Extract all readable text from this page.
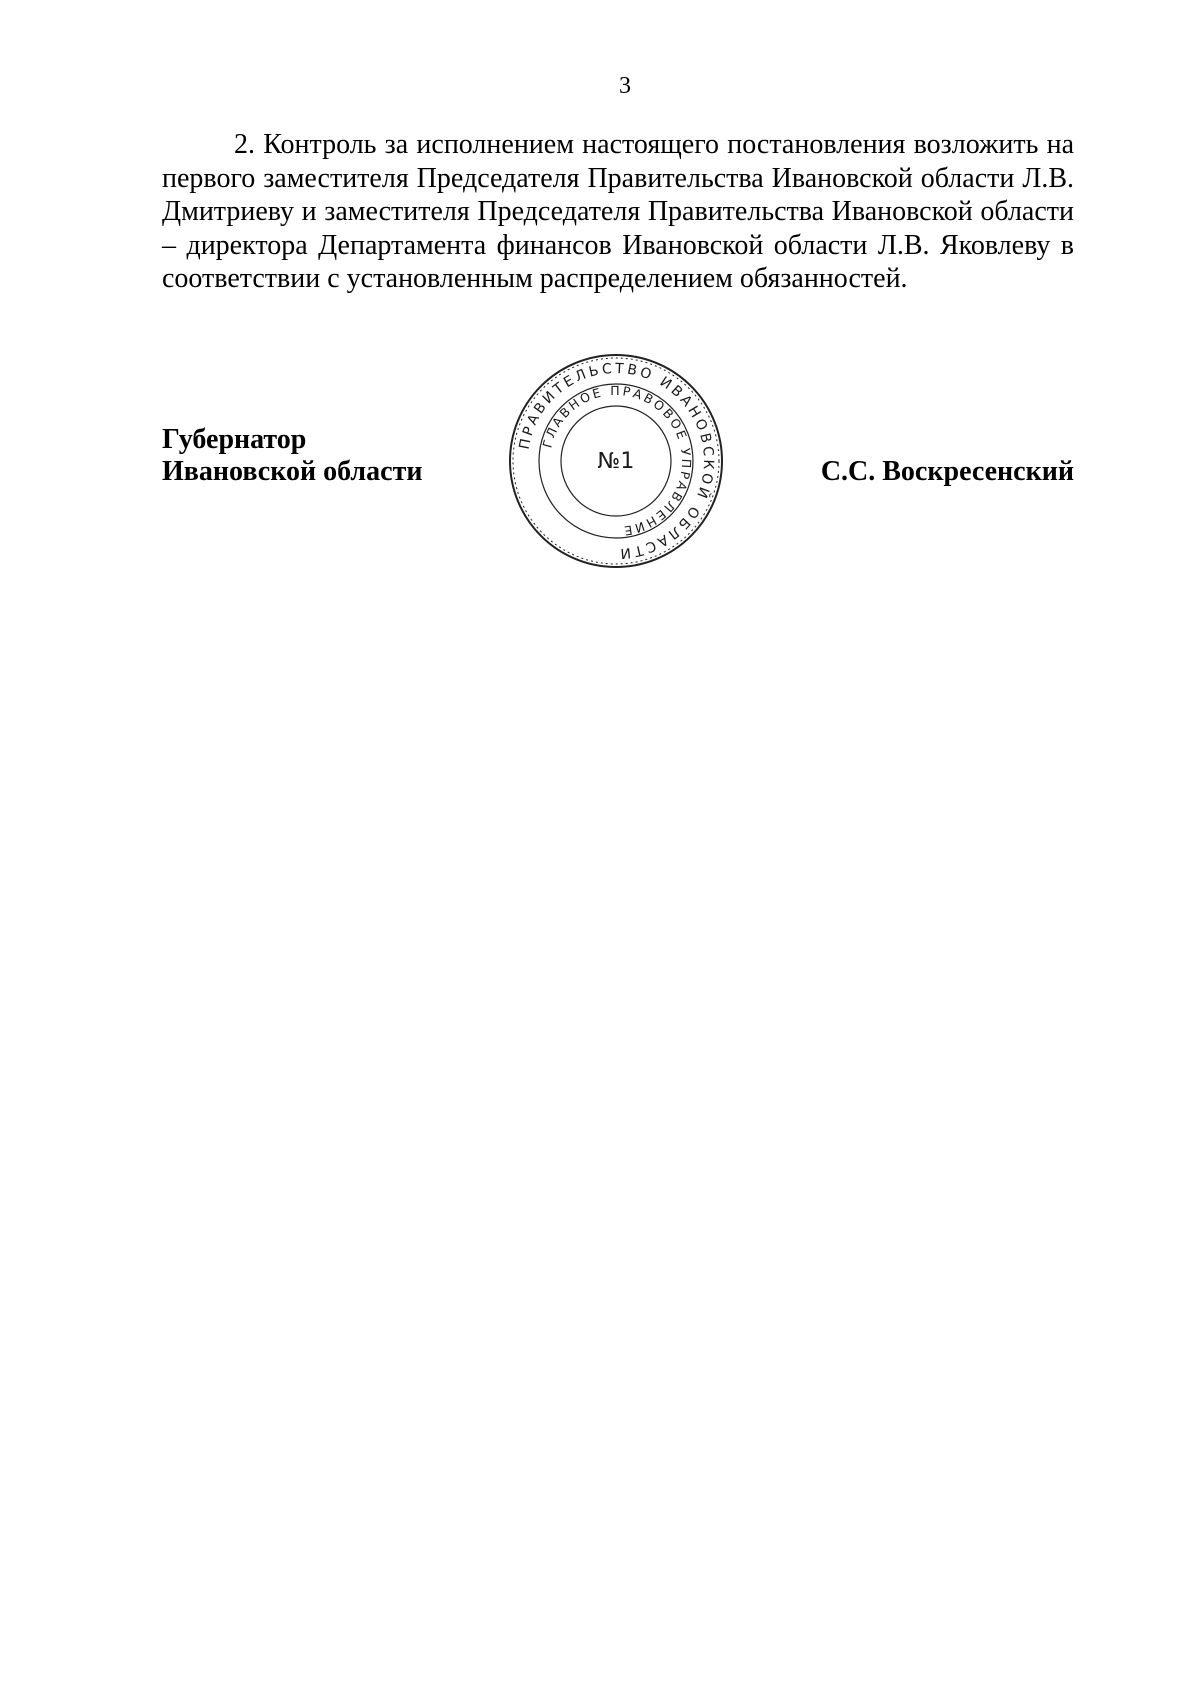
3

2. Контроль за исполнением настоящего постановления возложить на первого заместителя Председателя Правительства Ивановской области Л.В. Дмитриеву и заместителя Председателя Правительства Ивановской области – директора Департамента финансов Ивановской области Л.В. Яковлеву в соответствии с установленным распределением обязанностей.

Губернатор
Ивановской области	С.С. Воскресенский
ПРАВИТЕЛЬСТВО ИВАНОВСКОЙ ОБЛАСТИ
ГЛАВНОЕ ПРАВОВОЕ УПРАВЛЕНИЕ
№1
